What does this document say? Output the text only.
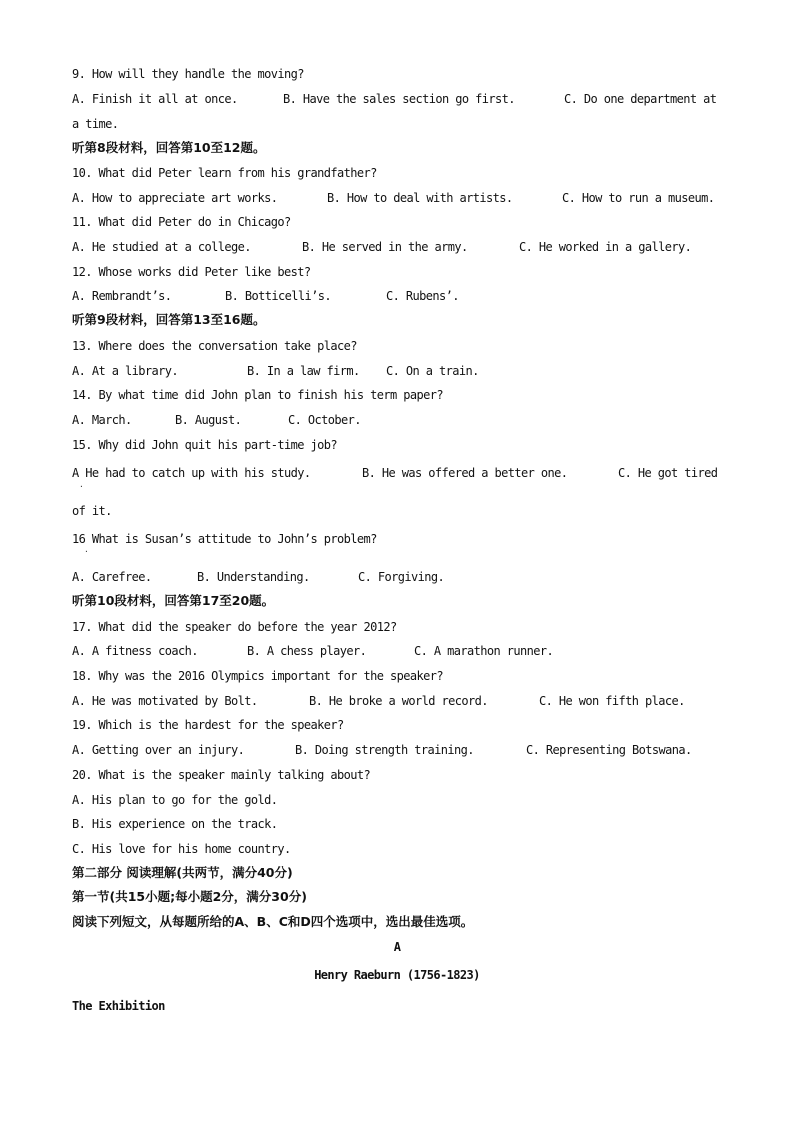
9. How will they handle the moving?

A. Finish it all at once.

	B. Have the sales section go first.

	C. Do one department at

a time.
听第8段材料，回答第10至12题。
10. What did Peter learn from his grandfather?

A. How to appreciate art works.

	B. How to deal with artists.

	C. How to run a museum.

11. What did Peter do in Chicago?

A. He studied at a college.

	B. He served in the army.

	C. He worked in a gallery.

12. Whose works did Peter like best?

A. Rembrandt’s.

	B. Botticelli’s.

	C. Rubens’.

听第9段材料，回答第13至16题。
13. Where does the conversation take place?

A. At a library.

	B. In a law firm.

C. On a train.

14. By what time did John plan to finish his term paper?

A. March.

	B. August.

	C. October.

15. Why did John quit his part-time job?

A He had to catch up with his study.

	B. He was offered a better one.

	C. He got tired

·
of it.
16 What is Susan’s attitude to John’s problem?
·

A. Carefree.

	B. Understanding.

	C. Forgiving.

听第10段材料，回答第17至20题。
17. What did the speaker do before the year 2012?

A. A fitness coach.

	B. A chess player.

	C. A marathon runner.

18. Why was the 2016 Olympics important for the speaker?

A. He was motivated by Bolt.

	B. He broke a world record.

	C. He won fifth place.

19. Which is the hardest for the speaker?

A. Getting over an injury.

	B. Doing strength training.

	C. Representing Botswana.

20. What is the speaker mainly talking about?
A. His plan to go for the gold.
B. His experience on the track.
C. His love for his home country.
第二部分 阅读理解(共两节，满分40分)
第一节(共15小题;每小题2分，满分30分)
阅读下列短文，从每题所给的A、B、C和D四个选项中，选出最佳选项。
A
Henry Raeburn (1756-1823)
The Exhibition
